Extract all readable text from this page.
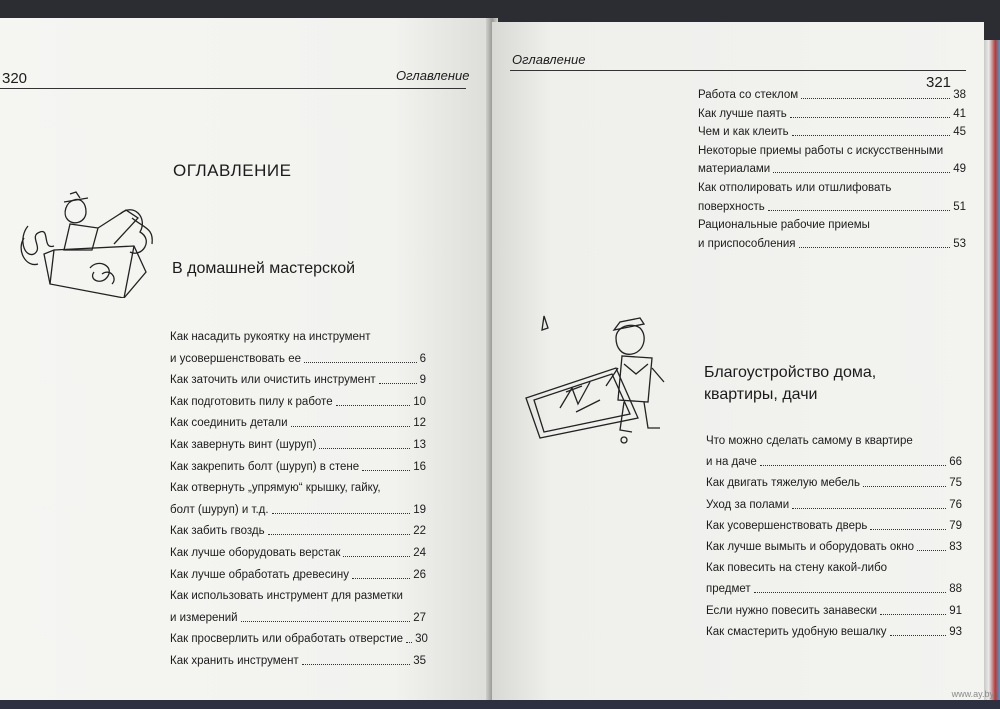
320	Оглавление
ОГЛАВЛЕНИЕ
В домашней мастерской
Как насадить рукоятку на инструмент
и усовершенствовать ее	6
Как заточить или очистить инструмент	9
Как подготовить пилу к работе	10
Как соединить детали	12
Как завернуть винт (шуруп)	13
Как закрепить болт (шуруп) в стене	16
Как отвернуть „упрямую“ крышку, гайку,
болт (шуруп) и т.д.	19
Как забить гвоздь	22
Как лучше оборудовать верстак	24
Как лучше обработать древесину	26
Как использовать инструмент для разметки
и измерений	27
Как просверлить или обработать отверстие 30
Как хранить инструмент	35
Оглавление
321
Работа со стеклом	38
Как лучше паять	41
Чем и как клеить	45
Некоторые приемы работы с искусственными
материалами	49
Как отполировать или отшлифовать
поверхность	51
Рациональные рабочие приемы
и приспособления	53
Благоустройство дома,
квартиры, дачи
Что можно сделать самому в квартире
и на даче	66
Как двигать тяжелую мебель	75
Уход за полами	76
Как усовершенствовать дверь	79
Как лучше вымыть и оборудовать окно	83
Как повесить на стену какой-либо
предмет	88
Если нужно повесить занавески	91
Как смастерить удобную вешалку	93
www.ay.by
